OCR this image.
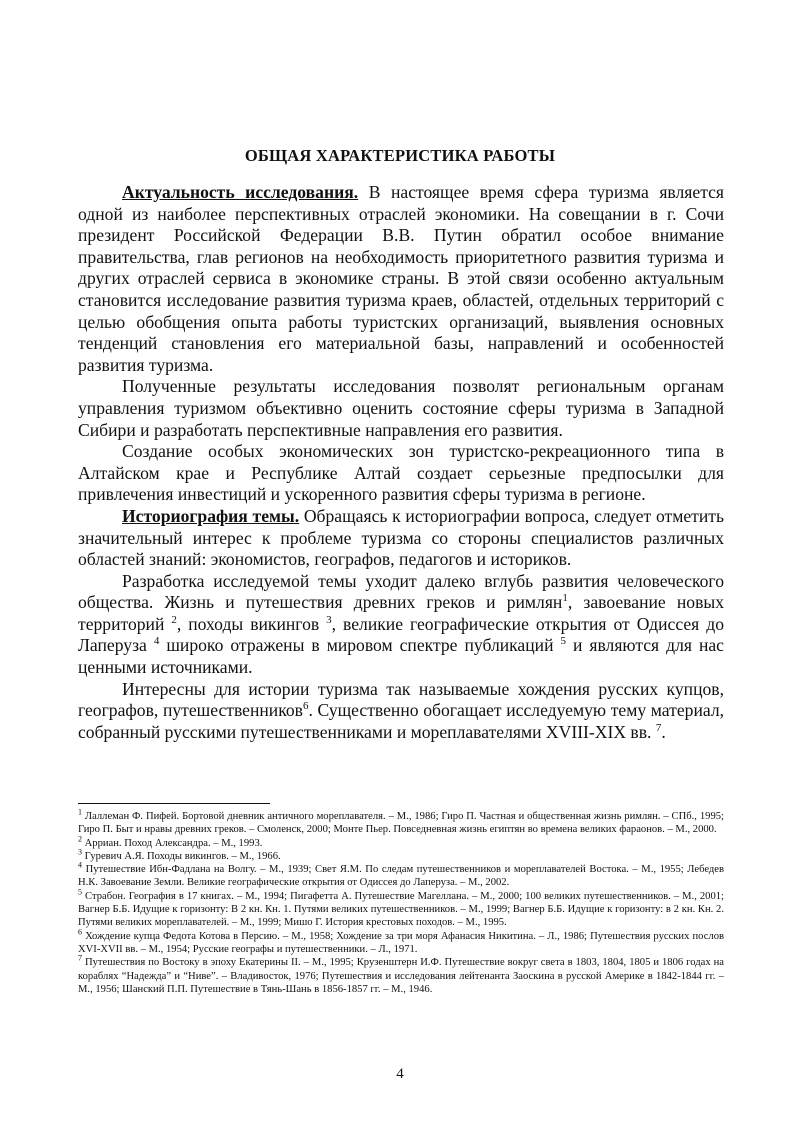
ОБЩАЯ ХАРАКТЕРИСТИКА РАБОТЫ

Актуальность исследования. В настоящее время сфера туризма является одной из наиболее перспективных отраслей экономики. На совещании в г. Сочи президент Российской Федерации В.В. Путин обратил особое внимание правительства, глав регионов на необходимость приоритетного развития туризма и других отраслей сервиса в экономике страны. В этой связи особенно актуальным становится исследование развития туризма краев, областей, отдельных территорий с целью обобщения опыта работы туристских организаций, выявления основных тенденций становления его материальной базы, направлений и особенностей развития туризма.

Полученные результаты исследования позволят региональным органам управления туризмом объективно оценить состояние сферы туризма в Западной Сибири и разработать перспективные направления его развития.

Создание особых экономических зон туристско-рекреационного типа в Алтайском крае и Республике Алтай создает серьезные предпосылки для привлечения инвестиций и ускоренного развития сферы туризма в регионе.

Историография темы. Обращаясь к историографии вопроса, следует отметить значительный интерес к проблеме туризма со стороны специалистов различных областей знаний: экономистов, географов, педагогов и историков.

Разработка исследуемой темы уходит далеко вглубь развития человеческого общества. Жизнь и путешествия древних греков и римлян$^1$, завоевание новых территорий $^2$, походы викингов $^3$, великие географические открытия от Одиссея до Лаперуза $^4$ широко отражены в мировом спектре публикаций $^5$ и являются для нас ценными источниками.

Интересны для истории туризма так называемые хождения русских купцов, географов, путешественников$^6$. Существенно обогащает исследуемую тему материал, собранный русскими путешественниками и мореплавателями XVIII-XIX вв. $^7$.

$^1$ Лаллеман Ф. Пифей. Бортовой дневник античного мореплавателя. – М., 1986; Гиро П. Частная и общественная жизнь римлян. – СПб., 1995; Гиро П. Быт и нравы древних греков. – Смоленск, 2000; Монте Пьер. Повседневная жизнь египтян во времена великих фараонов. – М., 2000.

$^2$ Арриан. Поход Александра. – М., 1993.

$^3$ Гуревич А.Я. Походы викингов. – М., 1966.

$^4$ Путешествие Ибн-Фадлана на Волгу. – М., 1939; Свет Я.М. По следам путешественников и мореплавателей Востока. – М., 1955; Лебедев Н.К. Завоевание Земли. Великие географические открытия от Одиссея до Лаперуза. – М., 2002.

$^5$ Страбон. География в 17 книгах. – М., 1994; Пигафетта А. Путешествие Магеллана. – М., 2000; 100 великих путешественников. – М., 2001; Вагнер Б.Б. Идущие к горизонту: В 2 кн. Кн. 1. Путями великих путешественников. – М., 1999; Вагнер Б.Б. Идущие к горизонту: в 2 кн. Кн. 2. Путями великих мореплавателей. – М., 1999; Мишо Г. История крестовых походов. – М., 1995.

$^6$ Хождение купца Федота Котова в Персию. – М., 1958; Хождение за три моря Афанасия Никитина. – Л., 1986; Путешествия русских послов XVI-XVII вв. – М., 1954; Русские географы и путешественники. – Л., 1971.

$^7$ Путешествия по Востоку в эпоху Екатерины II. – М., 1995; Крузенштерн И.Ф. Путешествие вокруг света в 1803, 1804, 1805 и 1806 годах на кораблях “Надежда” и “Ниве”. – Владивосток, 1976; Путешествия и исследования лейтенанта Заоскина в русской Америке в 1842-1844 гг. – М., 1956; Шанский П.П. Путешествие в Тянь-Шань в 1856-1857 гг. – М., 1946.

4
